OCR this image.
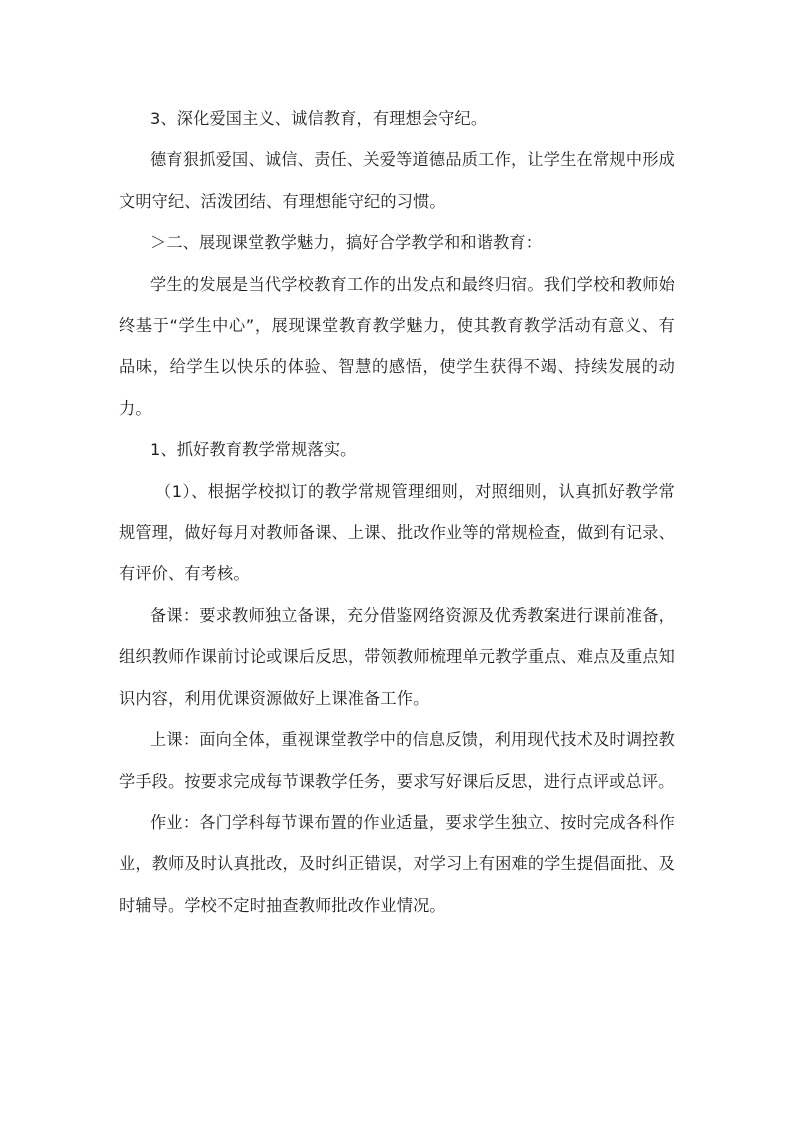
3、深化爱国主义、诚信教育，有理想会守纪。

德育狠抓爱国、诚信、责任、关爱等道德品质工作，让学生在常规中形成文明守纪、活泼团结、有理想能守纪的习惯。

＞二、展现课堂教学魅力，搞好合学教学和和谐教育：

学生的发展是当代学校教育工作的出发点和最终归宿。我们学校和教师始终基于“学生中心”，展现课堂教育教学魅力，使其教育教学活动有意义、有品味，给学生以快乐的体验、智慧的感悟，使学生获得不竭、持续发展的动力。

1、抓好教育教学常规落实。

（1）、根据学校拟订的教学常规管理细则，对照细则，认真抓好教学常规管理，做好每月对教师备课、上课、批改作业等的常规检查，做到有记录、有评价、有考核。

备课：要求教师独立备课，充分借鉴网络资源及优秀教案进行课前准备，组织教师作课前讨论或课后反思，带领教师梳理单元教学重点、难点及重点知识内容，利用优课资源做好上课准备工作。

上课：面向全体，重视课堂教学中的信息反馈，利用现代技术及时调控教学手段。按要求完成每节课教学任务，要求写好课后反思，进行点评或总评。

作业：各门学科每节课布置的作业适量，要求学生独立、按时完成各科作业，教师及时认真批改，及时纠正错误，对学习上有困难的学生提倡面批、及时辅导。学校不定时抽查教师批改作业情况。
